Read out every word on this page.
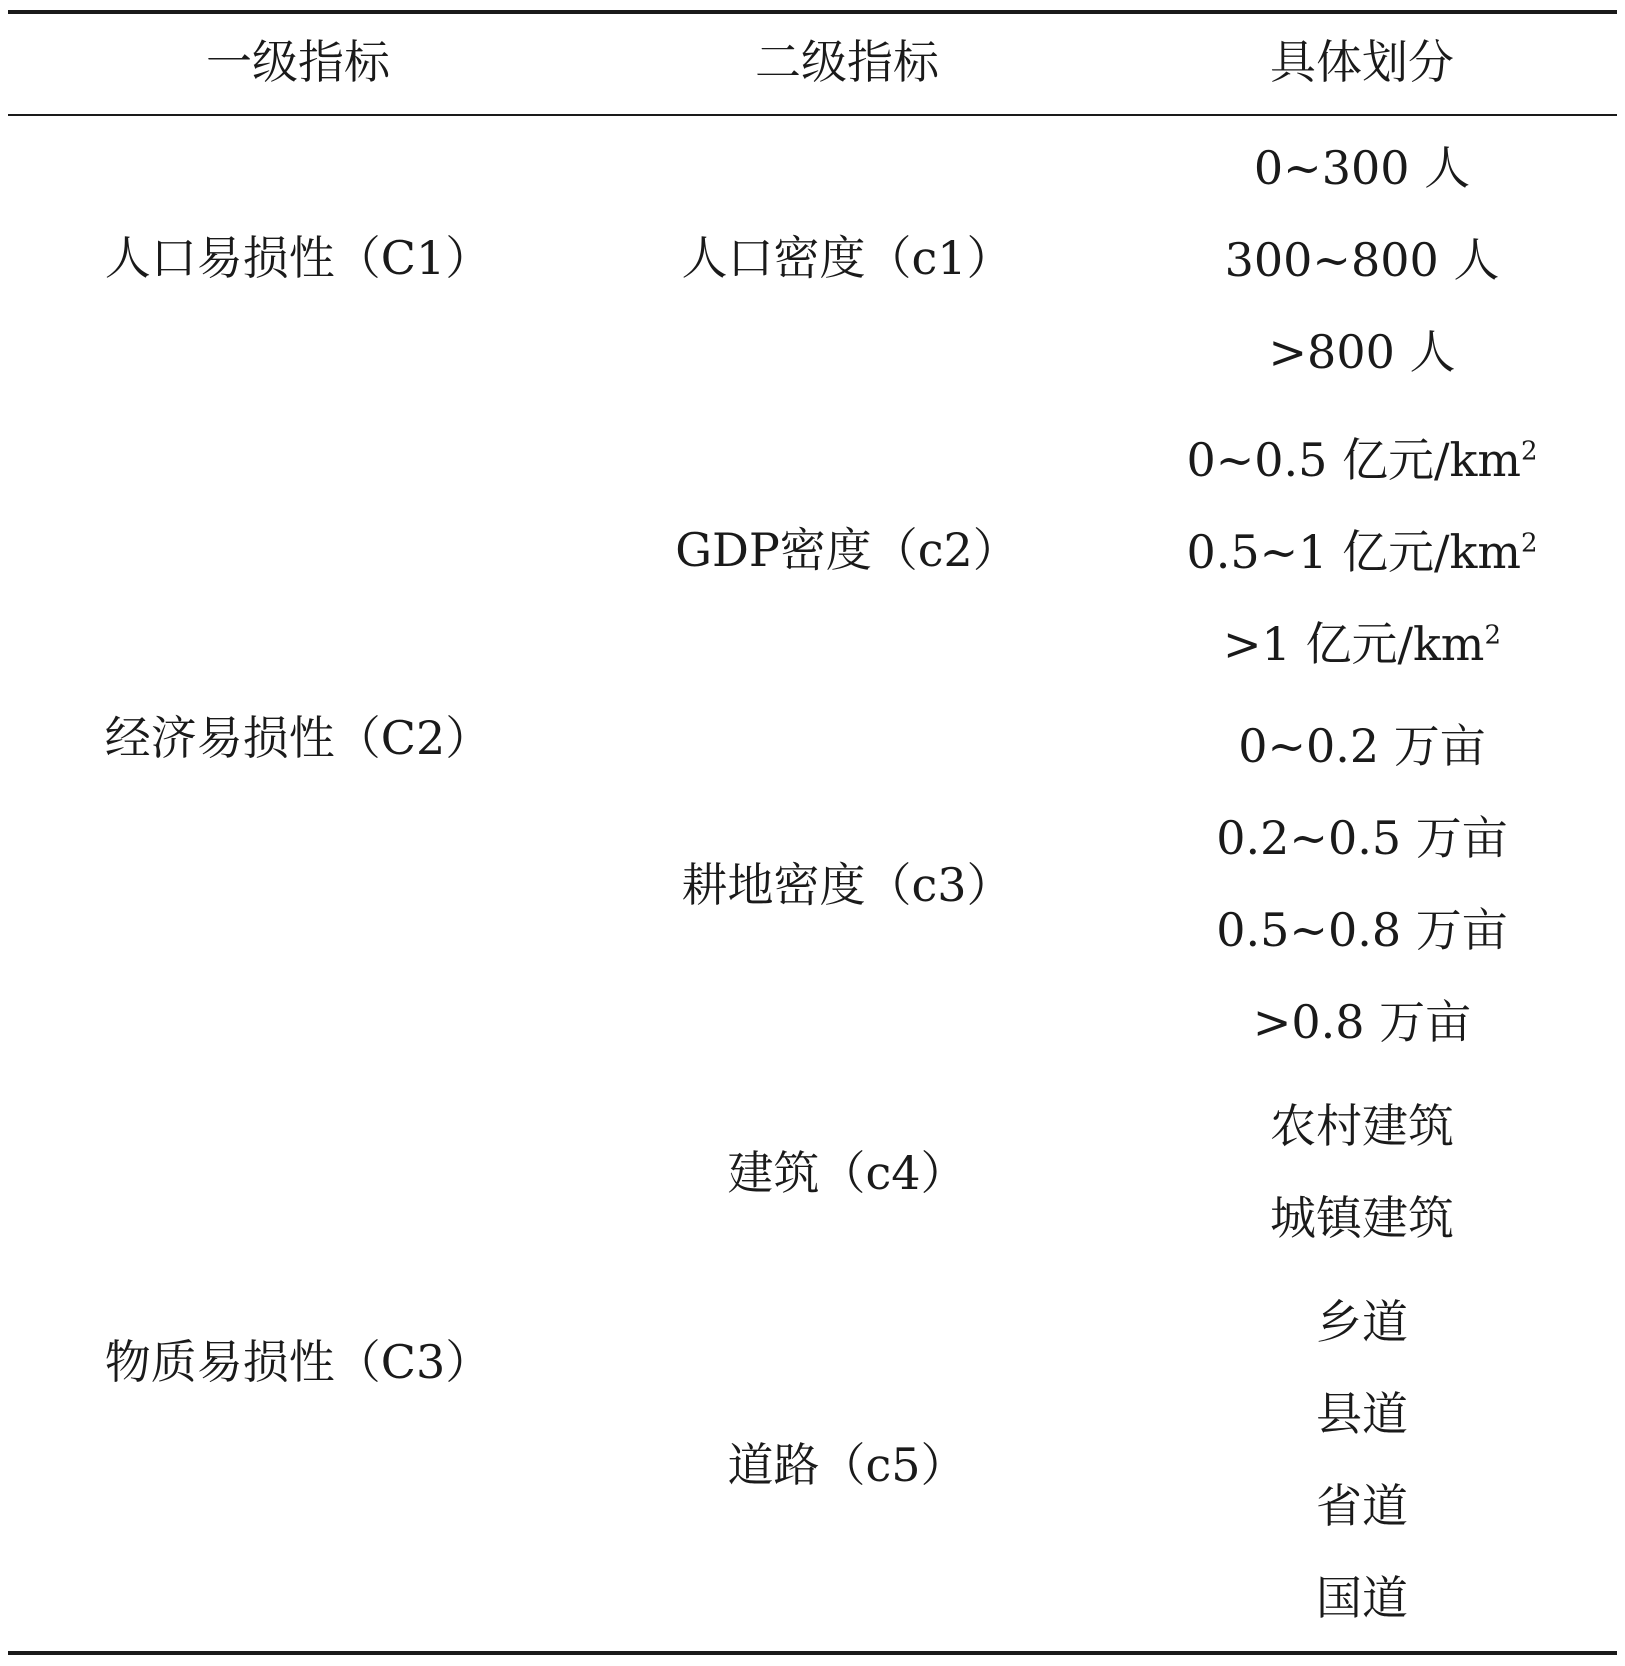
一级指标	二级指标	具体划分
人口易损性（C1）
经济易损性（C2）
物质易损性（C3）
人口密度（c1）
GDP密度（c2）
耕地密度（c3）
建筑（c4）
道路（c5）
0~300 人
300~800 人
>800 人
0~0.5 亿元$/km^2$
0.5~1 亿元$/km^2$
>1 亿元$/km^2$
0~0.2 万亩
0.2~0.5 万亩
0.5~0.8 万亩
>0.8 万亩
农村建筑
城镇建筑
乡道
县道
省道
国道
